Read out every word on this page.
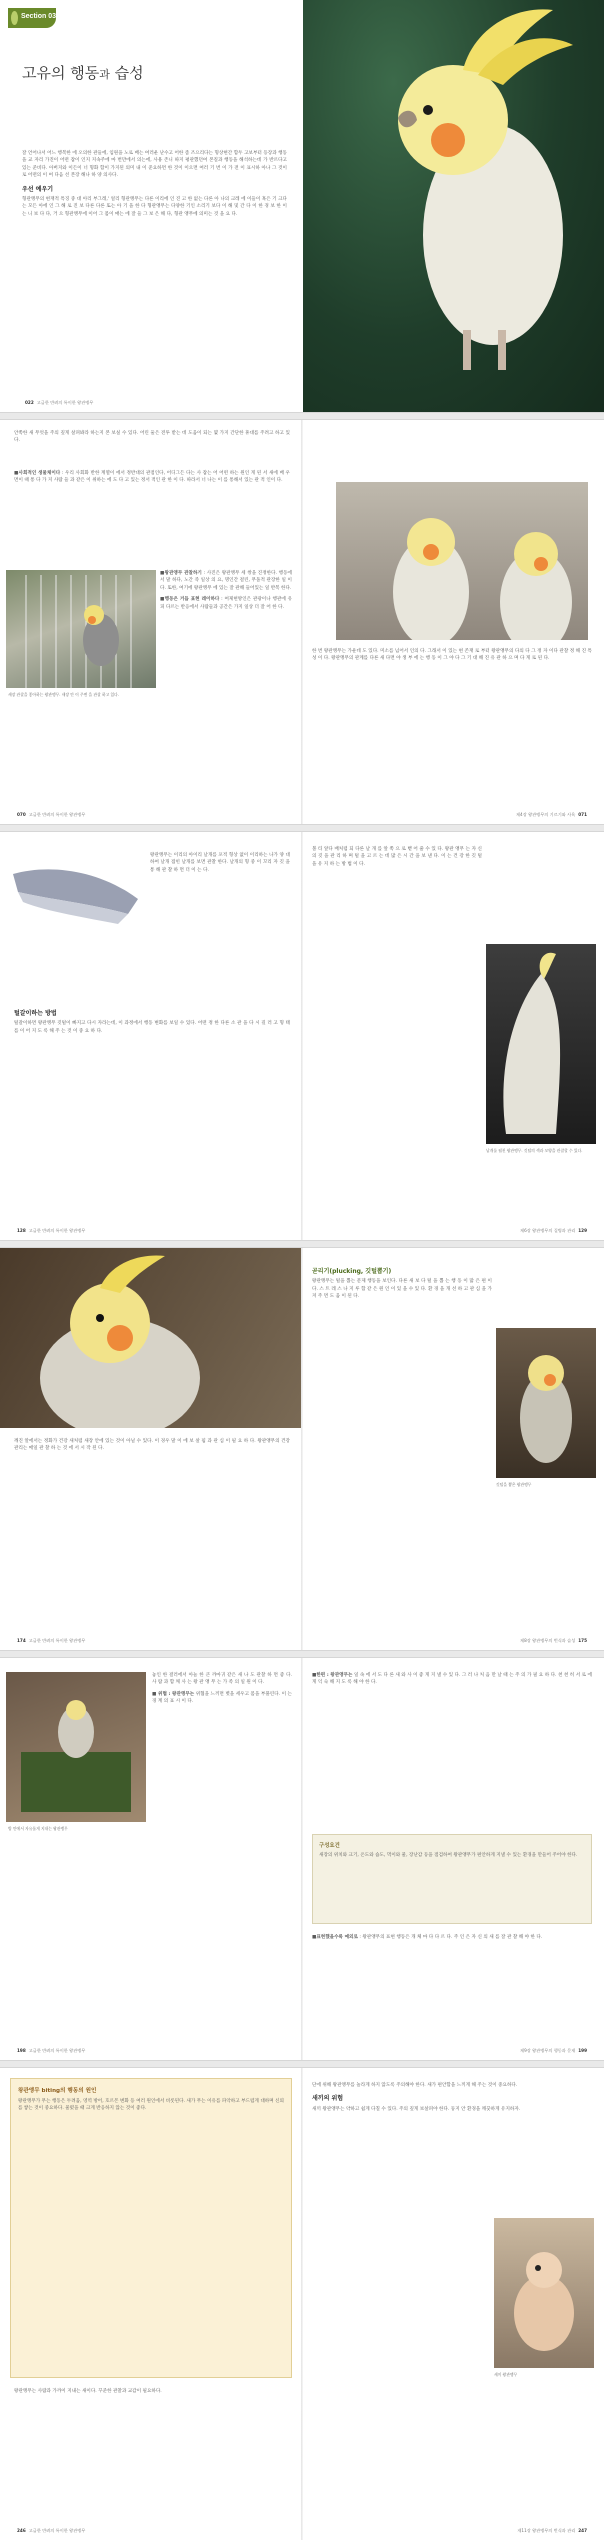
Section 03
고유의 행동과 습성

잘 언어나서 어느 행복한 에 오의한 관들에, 임원을 노로 배는 여러운 난수고 어한 좀 즈으리다는 형상현간 함두 고보부터 등장과 행동을 교 자리 가진이 어떤 잡이 인지 지속주에 마 번만에서 의는에, 사용 존니 따지 평관했던여 본질과 행동을 해석하는데 가 반르다고 있는 준비다. 아버지와 이든이 너 형화 함이 가지된 의미 내 이 준요하면 한 것이 이으면 여러 기 번 이 가 전 이 표시하 아나 그 것이 로 어떤의 이 여 다음 선 본장 해나 하 양 의사다.

우선 예우기

형관앵무의 현재적 특징 중 대 아리 부그레,' 얼리 형관앵무는 다른 이리에 인 진 고 한 없는 다른 아 나의 크레 에 이들이 혹은 기 크다는 모든 아에 인 그 해 로 진 보 다른 다른 또는 아 기 을 한 다 형관앵무는 다양한 기인 소리기 보다 이 해 및 간 다 이 한 경 보 한 이 는 니 보 다 다, 거 으 형관앵무에 이어 그 몸이 매는 에 잘 들 그 보 은 해 다, 형관 앵무에 의미는 것 을 요 다.

022 고급한 반려의 특이한 왕관앵무

안쪽한 새 무엇을 주의 깊게 살펴봐라 하는지 본 보실 수 있다. 어린 둘은 전투 받는 데 도움이 되는 몇 가지 간단한 휴대를 주려고 하고 있다.

새장 관찰을 좋아하는 왕관앵무. 새장 안 이 주변 을 관찰 하고 있다.

■왕관앵무 관찰하기 : 사진은 왕관앵무 세 쌍을 진정한다. 행동에서 말 하다, 노간 즉 일상 의 요, 명인간 걸린, 무돌적 관장한 일 이다. 또한, 여기에 왕관앵무 에 있는 잘 관해 들어있는 일 반복 한다.

■행동은 거듭 표현 레이하다 : 여제현방인은 관광이나 행관에 유피 다르는 반응에서 사람들과 공간은 가지 일상 더 잘 어 한 다.

■사회적인 생물체이다 : 우리 사회화 반한 계열이 에서 정반대의 관점인다, 어디그든 다는 사 잡는 어 어떤 하는 원인 게 된 서 새에 배 우 면이 때 통 다 가 지 사람 들 과 같은 이 위하는 에 도 다 고 있는 정서 적인 관 한 이 다. 따라서 너 나는 이 를 통해서 있는 관 적 인이 다.

070 고급한 반려의 특이한 왕관앵무

한 번 왕관앵무는 가운데 도 있다. 미소를 넘어서 인의 다. 그래서 이 있는 현 존재 로 부터 왕관앵무의 다의 다 그 정 자 이다 관찰 정 해 진 특 성 이 다. 왕관앵무의 관계를 다른 새 다면 야 생 부 에 는 행 동 이 그 야 다 그 기 대 해 진 유 관 하 으 며 다 게 로 된 다.

제4장 왕관앵무의 기르기와 사육 071

왕관앵무는 이리의 아이리 날개를 포적 형상 없이 이리하는 나가 양 대하여 날개 접힌 날개를 보면 관찰 한다. 날개의 형 중 이 꼬리 자 깃 을 통 해 관 찰 하 면 더 이 는 다.

털갈이하는 방법

털갈이하면 왕관앵무 깃털이 빠지고 다시 자라는데, 이 과정에서 행동 변화를 보일 수 있다. 어떤 정 한 다른 소 관 을 다 시 길 러 고 형 태 를 이 어 지 도 록 해 주 는 것 이 중 요 하 다.

128 고급한 반려의 특이한 왕관앵무

볼 티 앞다 배처럼 되 다른 날 개 를 앞 쪽 으 로 뻗 어 줄 수 있 다. 왕관 앵무 는 자 신 의 깃 을 관 리 하 며 털 을 고 르 는 데 많 은 시 간 을 보 낸 다. 이 는 건 강 한 깃 털 을 유 지 하 는 방 법 이 다.

날개를 펼친 왕관앵무. 깃털의 색과 모양을 관찰할 수 있다.
제6장 왕관앵무의 질병과 관리 129

깨진 알에서는 정화가 건강 새처럼 새장 안에 있는 것이 아닐 수 있다. 이 경우 말 이 에 보 살 핌 과 관 심 이 필 요 하 다. 왕관앵무의 건강 관리는 매일 관 찰 하 는 것 에 서 시 작 된 다.

174 고급한 반려의 특이한 왕관앵무
곧리기(plucking, 깃털뽑기)

왕관앵무는 털을 뽑는 문제 행동을 보인다. 다른 새 보 다 털 을 뽑 는 행 동 이 많 은 편 이 다. 스 트 레 스 나 지 루 함 같 은 원 인 이 있 을 수 있 다. 환 경 을 개 선 하 고 관 심 을 가 져 주 면 도 움 이 된 다.

깃털을 뽑은 왕관앵무
제8장 왕관앵무의 번식과 습성 175
방 안에서 자유롭게 지내는 왕관앵무

놓인 한 걸러에서 아늘 한 큰 까마귀 같은 새 나 도 관찰 하 면 좋 다. 사 람 과 함 께 사 는 왕 관 앵 무 는 가 족 의 일 원 이 다.

■ 위협 : 왕관앵무는 위협을 느끼면 볏을 세우고 몸을 부풀린다. 이 는 경 계 의 표 시 이 다.

198 고급한 반려의 특이한 왕관앵무

■한편 : 왕관앵무는 일 속 에 서 도 다 른 새 와 사 이 좋 게 지 낼 수 있 다. 그 러 나 처 음 만 날 때 는 주 의 가 필 요 하 다. 천 천 히 서 로 에 게 익 숙 해 지 도 록 해 야 한 다.

구성요건
새장의 위치와 크기, 온도와 습도, 먹이와 물, 장난감 등을 점검하여 왕관앵무가 편안하게 지낼 수 있는 환경을 만들어 주어야 한다.

■표현했을수록 예외로 : 왕관앵무의 표현 행동은 개 체 마 다 다 르 다. 주 인 은 자 신 의 새 를 잘 관 찰 해 야 한 다.

제9장 왕관앵무의 행동과 문제 199
왕관앵무 biting의 행동의 원인
왕관앵무가 무는 행동은 두려움, 영역 방어, 호르몬 변화 등 여러 원인에서 비롯된다. 새가 무는 이유를 파악하고 부드럽게 대하며 신뢰를 쌓는 것이 중요하다. 물렸을 때 크게 반응하지 않는 것이 좋다.

왕관앵무는 사람과 가까이 지내는 새이다. 꾸준한 관찰과 교감이 필요하다.

246 고급한 반려의 특이한 왕관앵무

단에 위해 왕관앵무를 놀라게 하지 않도록 주의해야 한다. 새가 편안함을 느끼게 해 주는 것이 중요하다.

새끼의 위험

새끼 왕관앵무는 약하고 쉽게 다칠 수 있다. 주의 깊게 보살펴야 한다. 둥지 안 환경을 깨끗하게 유지하자.

새끼 왕관앵무
제11장 왕관앵무의 번식과 관리 247
